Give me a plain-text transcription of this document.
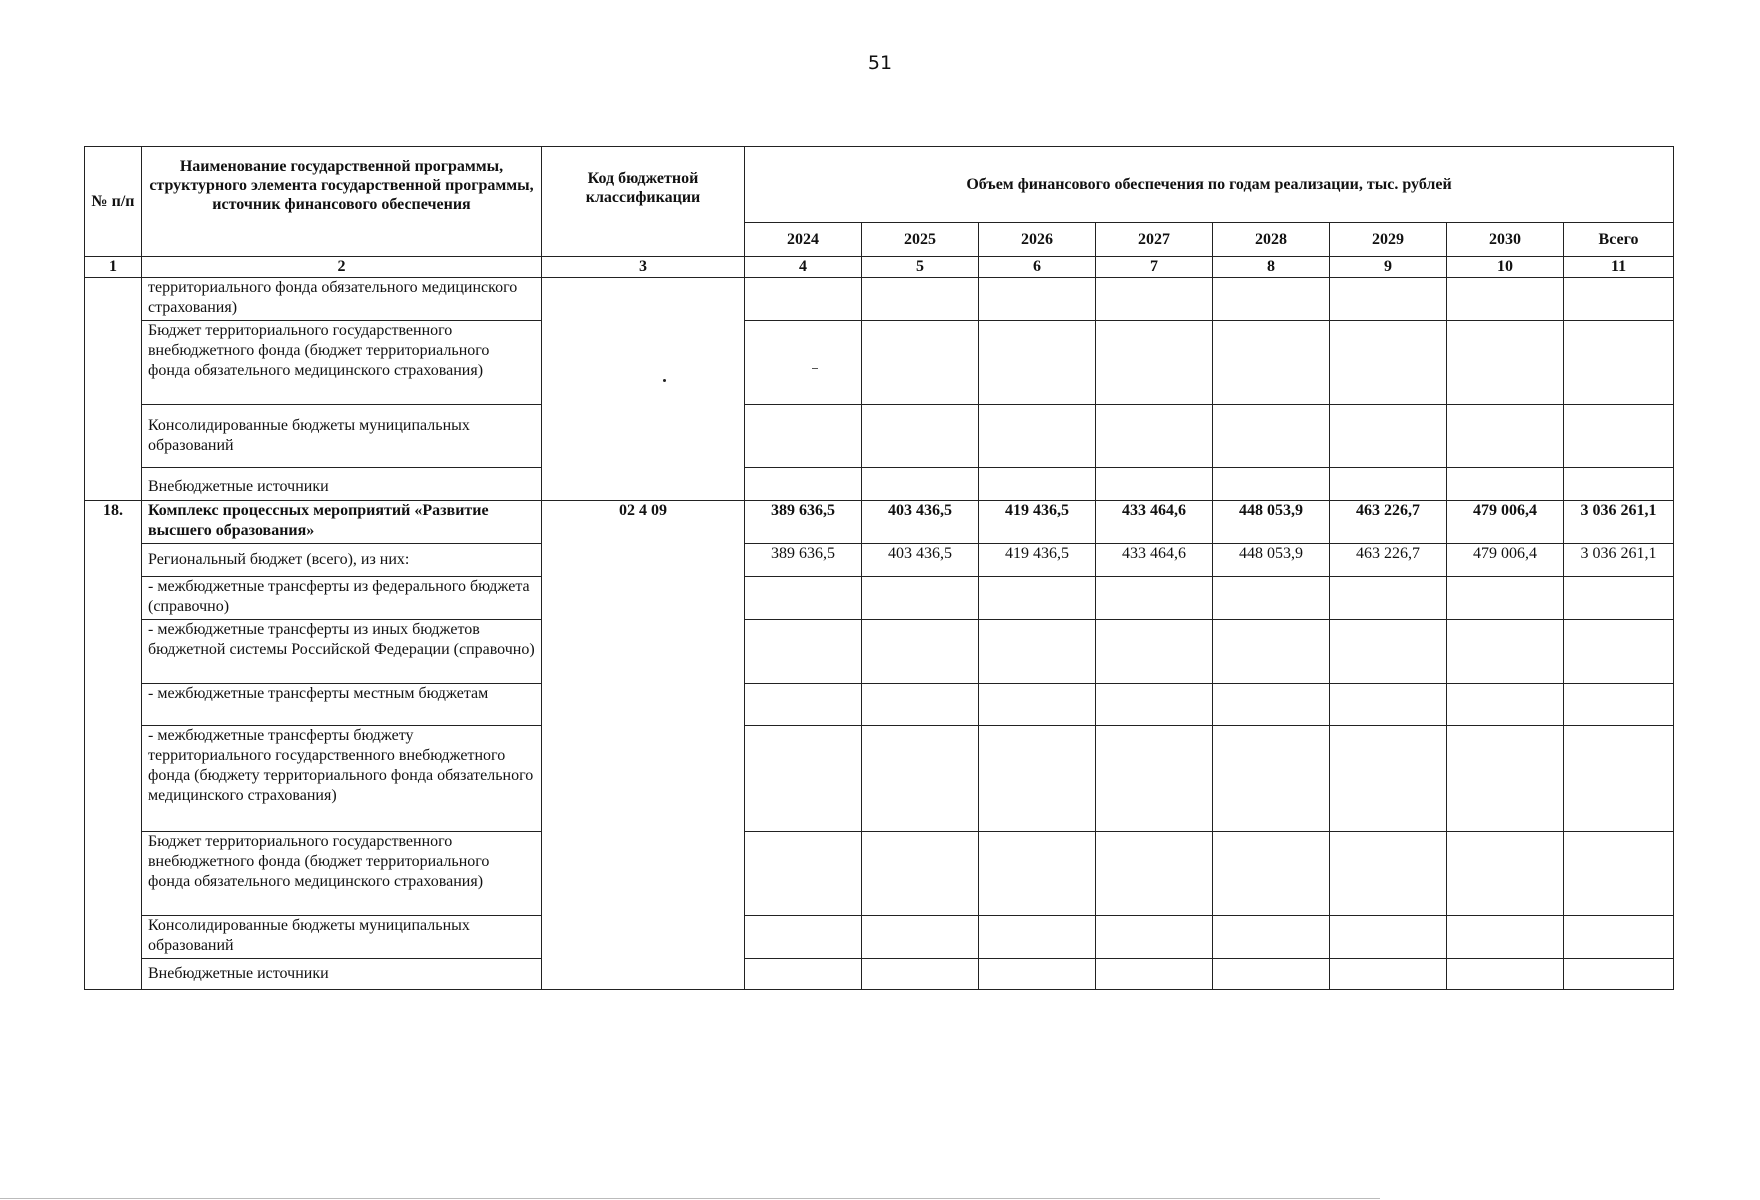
51
№ п/п	Наименование государственной программы, структурного элемента государственной программы, источник финансового обеспечения	Код бюджетной классификации	Объем финансового обеспечения по годам реализации, тыс. рублей							
			2024	2025	2026	2027	2028	2029	2030	Всего
1	2	3	4	5	6	7	8	9	10	11
	территориального фонда обязательного медицинского страхования)									
	Бюджет территориального государственного внебюджетного фонда (бюджет территориального фонда обязательного медицинского страхования)									
	Консолидированные бюджеты муниципальных образований									
	Внебюджетные источники									
18.	Комплекс процессных мероприятий «Развитие высшего образования»	02 4 09	389 636,5	403 436,5	419 436,5	433 464,6	448 053,9	463 226,7	479 006,4	3 036 261,1
	Региональный бюджет (всего), из них:		389 636,5	403 436,5	419 436,5	433 464,6	448 053,9	463 226,7	479 006,4	3 036 261,1
	- межбюджетные трансферты из федерального бюджета (справочно)									
	- межбюджетные трансферты из иных бюджетов бюджетной системы Российской Федерации (справочно)									
	- межбюджетные трансферты местным бюджетам									
	- межбюджетные трансферты бюджету территориального государственного внебюджетного фонда (бюджету территориального фонда обязательного медицинского страхования)									
	Бюджет территориального государственного внебюджетного фонда (бюджет территориального фонда обязательного медицинского страхования)									
	Консолидированные бюджеты муниципальных образований									
	Внебюджетные источники									
